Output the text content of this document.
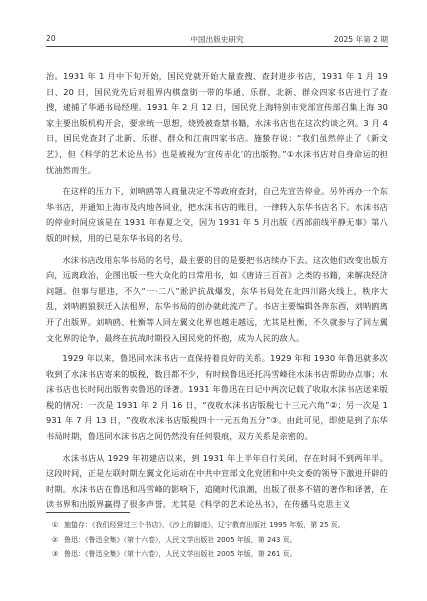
20	中国出版史研究	2025 年第 2 期

治。1931 年 1 月中下旬开始，国民党就开始大量查搜、查封进步书店，1931 年 1 月 19 日、20 日，国民党先后对租界内棋盘街一带的华通、乐群、北新、群众四家书店进行了查搜，逮捕了华通书局经理。1931 年 2 月 12 日，国民党上海特别市党部宣传部召集上海 30 家主要出版机构开会，要求统一思想，烧毁被查禁书籍，水沫书店也在这次约谈之列。3 月 4 日，国民党查封了北新、乐群、群众和江南四家书店。施蛰存说：“我们虽然停止了《新文艺》，但《科学的艺术论丛书》也是被视为‘宣传赤化’的出版物。”①水沫书店对自身命运的担忧油然而生。

在这样的压力下，刘呐鸥等人商量决定不等政府查封，自己先宣告停业。另外再办一个东华书店，并通知上海市及内地各同业，把水沫书店的账目，一律转入东华书店名下。水沫书店的停业时间应该是在 1931 年春夏之交，因为 1931 年 5 月出版《西部前线平静无事》第八版的时候，用的已是东华书局的名号。

水沫书店改用东华书局的名号，最主要的目的是要把书店续办下去。这次他们改变出版方向，远离政治，企图出版一些大众化的日常用书，如《唐诗三百首》之类的书籍，来解决经济问题。但事与愿违，不久“一·二八”淞沪抗战爆发，东华书局处在北四川路火线上，秩序大乱，刘呐鸥狼狈迁入法租界，东华书局的创办就此流产了。书店主要编辑各奔东西，刘呐鸥离开了出版界。刘呐鸥、杜衡等人同左翼文化界也越走越远，尤其是杜衡，不久就参与了同左翼文化界的论争，最终在抗战时期投入国民党的怀抱，成为人民的敌人。

1929 年以来，鲁迅同水沫书店一直保持着良好的关系。1929 年和 1930 年鲁迅就多次收到了水沫书店寄来的版税，数目都不少，有时候鲁迅还托冯雪峰往水沫书店帮助办点事；水沫书店也长时间出版售卖鲁迅的译著。1931 年鲁迅在日记中两次记载了收取水沫书店送来版税的情况：一次是 1931 年 2 月 16 日，“夜收水沫书店版税七十三元六角”②；另一次是 1931 年 7 月 13 日，“夜收水沫书店版税四十一元五角五分”③。由此可见，即使是到了东华书局时期，鲁迅同水沫书店之间仍然没有任何裂痕，双方关系是亲密的。

水沫书店从 1929 年初建店以来，到 1931 年上半年自行关闭，存在时间不到两年半。这段时间，正是左联时期左翼文化运动在中共中宣部文化党团和中央文委的领导下激进开辟的时期。水沫书店在鲁迅和冯雪峰的影响下，追随时代浪潮，出版了很多不错的著作和译著，在读书界和出版界赢得了很多声誉。尤其是《科学的艺术论丛书》，在传播马克思主义

① 施蛰存：《我们经营过三个书店》，《沙上的脚迹》，辽宁教育出版社 1995 年版，第 25 页。
② 鲁迅：《鲁迅全集》（第十六卷），人民文学出版社 2005 年版，第 243 页。
③ 鲁迅：《鲁迅全集》（第十六卷），人民文学出版社 2005 年版，第 261 页。
